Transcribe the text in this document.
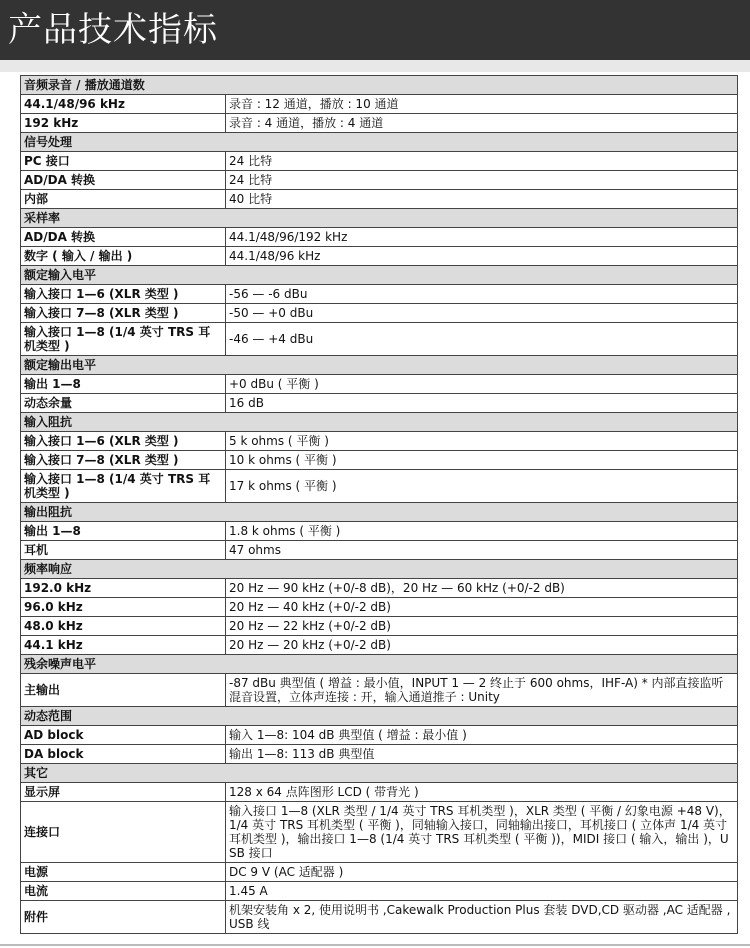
产品技术指标
音频录音 / 播放通道数	
44.1/48/96 kHz	录音 : 12 通道，播放 : 10 通道
192 kHz	录音 : 4 通道，播放 : 4 通道
信号处理	
PC 接口	24 比特
AD/DA 转换	24 比特
内部	40 比特
采样率	
AD/DA 转换	44.1/48/96/192 kHz
数字 ( 输入 / 输出 )	44.1/48/96 kHz
额定输入电平	
输入接口 1—6 (XLR 类型 )	-56 — -6 dBu
输入接口 7—8 (XLR 类型 )	-50 — +0 dBu
输入接口 1—8 (1/4 英寸 TRS 耳机类型 )	-46 — +4 dBu
额定输出电平	
输出 1—8	+0 dBu ( 平衡 )
动态余量	16 dB
输入阻抗	
输入接口 1—6 (XLR 类型 )	5 k ohms ( 平衡 )
输入接口 7—8 (XLR 类型 )	10 k ohms ( 平衡 )
输入接口 1—8 (1/4 英寸 TRS 耳机类型 )	17 k ohms ( 平衡 )
输出阻抗	
输出 1—8	1.8 k ohms ( 平衡 )
耳机	47 ohms
频率响应	
192.0 kHz	20 Hz — 90 kHz (+0/-8 dB)，20 Hz — 60 kHz (+0/-2 dB)
96.0 kHz	20 Hz — 40 kHz (+0/-2 dB)
48.0 kHz	20 Hz — 22 kHz (+0/-2 dB)
44.1 kHz	20 Hz — 20 kHz (+0/-2 dB)
残余噪声电平	
主输出	-87 dBu 典型值 ( 增益 : 最小值，INPUT 1 — 2 终止于 600 ohms，IHF-A) * 内部直接监听混音设置，立体声连接 : 开，输入通道推子 : Unity
动态范围	
AD block	输入 1—8: 104 dB 典型值 ( 增益 : 最小值 )
DA block	输出 1—8: 113 dB 典型值
其它	
显示屏	128 x 64 点阵图形 LCD ( 带背光 )
连接口	输入接口 1—8 (XLR 类型 / 1/4 英寸 TRS 耳机类型 )，XLR 类型 ( 平衡 / 幻象电源 +48 V)，1/4 英寸 TRS 耳机类型 ( 平衡 )，同轴输入接口，同轴输出接口，耳机接口 ( 立体声 1/4 英寸耳机类型 )，输出接口 1—8 (1/4 英寸 TRS 耳机类型 ( 平衡 ))，MIDI 接口 ( 输入，输出 )，USB 接口
电源	DC 9 V (AC 适配器 )
电流	1.45 A
附件	机架安装角 x 2, 使用说明书 ,Cakewalk Production Plus 套装 DVD,CD 驱动器 ,AC 适配器 ,USB 线
